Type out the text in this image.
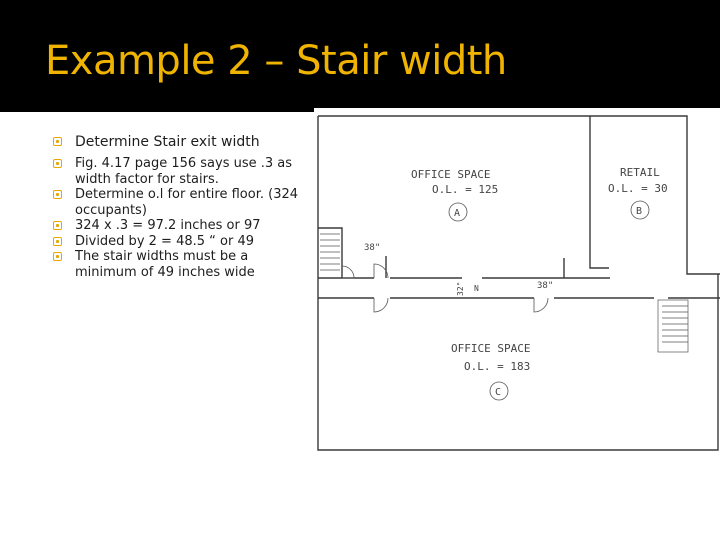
Example 2 – Stair width
Determine Stair exit width
Fig. 4.17 page 156 says use .3 as width factor for stairs.
Determine o.l for entire floor. (324 occupants)
324 x .3 = 97.2 inches or 97
Divided by 2 = 48.5 “ or 49
The stair widths must be a minimum of 49 inches wide
OFFICE SPACE
O.L. = 125
A
RETAIL
O.L. = 30
B
OFFICE SPACE
O.L. = 183
C
38"
32" N	38"
